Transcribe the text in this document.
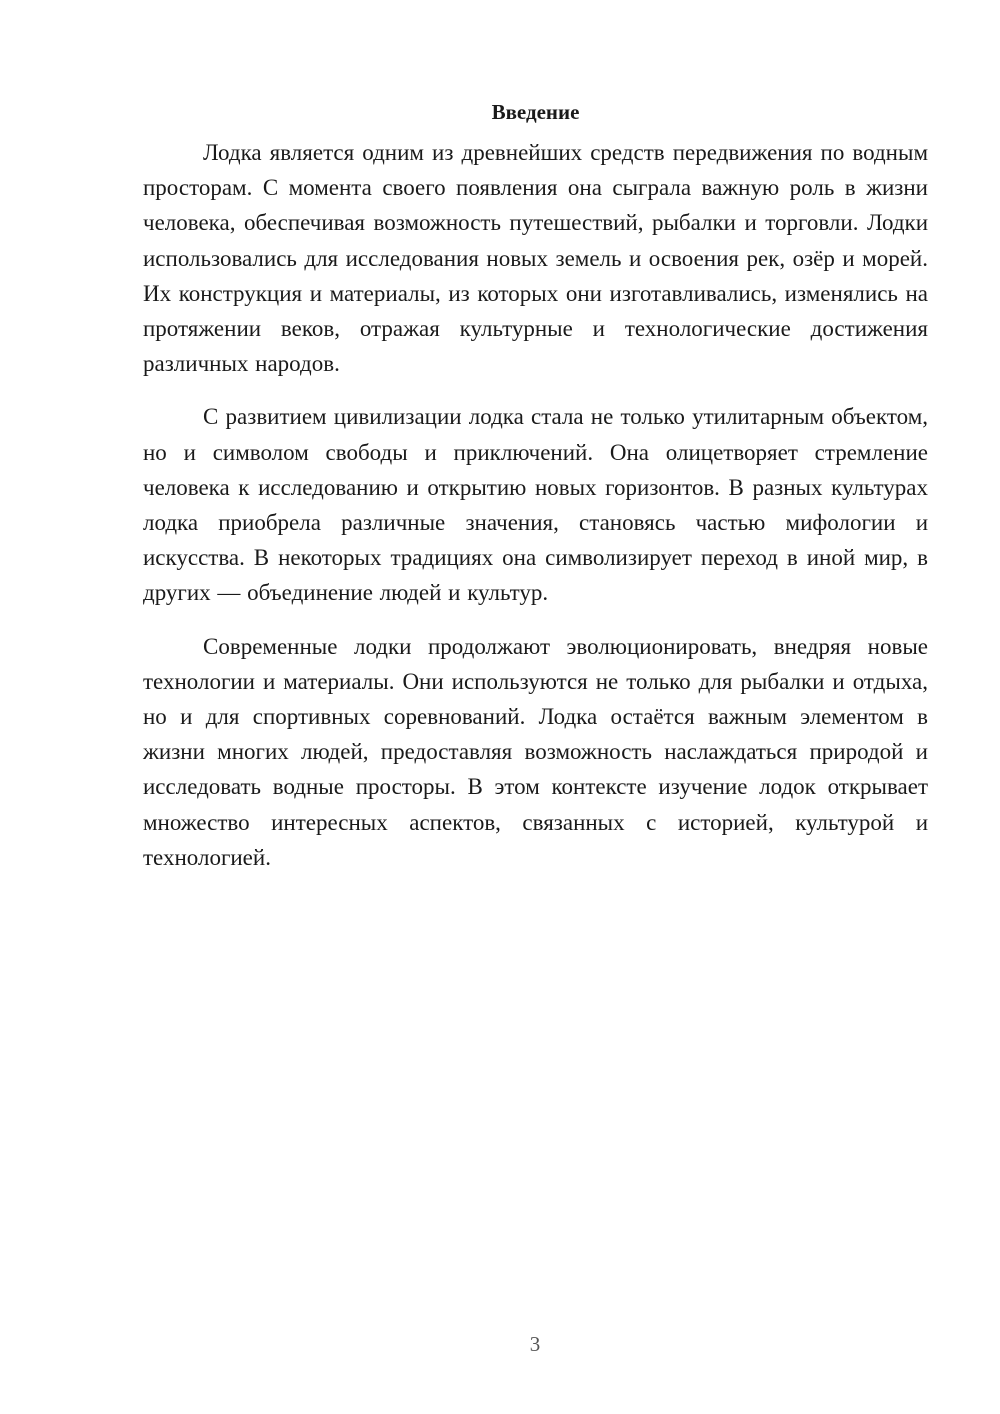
Введение

Лодка является одним из древнейших средств передвижения по водным просторам. С момента своего появления она сыграла важную роль в жизни человека, обеспечивая возможность путешествий, рыбалки и торговли. Лодки использовались для исследования новых земель и освоения рек, озёр и морей. Их конструкция и материалы, из которых они изготавливались, изменялись на протяжении веков, отражая культурные и технологические достижения различных народов.

С развитием цивилизации лодка стала не только утилитарным объектом, но и символом свободы и приключений. Она олицетворяет стремление человека к исследованию и открытию новых горизонтов. В разных культурах лодка приобрела различные значения, становясь частью мифологии и искусства. В некоторых традициях она символизирует переход в иной мир, в других — объединение людей и культур.

Современные лодки продолжают эволюционировать, внедряя новые технологии и материалы. Они используются не только для рыбалки и отдыха, но и для спортивных соревнований. Лодка остаётся важным элементом в жизни многих людей, предоставляя возможность наслаждаться природой и исследовать водные просторы. В этом контексте изучение лодок открывает множество интересных аспектов, связанных с историей, культурой и технологией.

3
